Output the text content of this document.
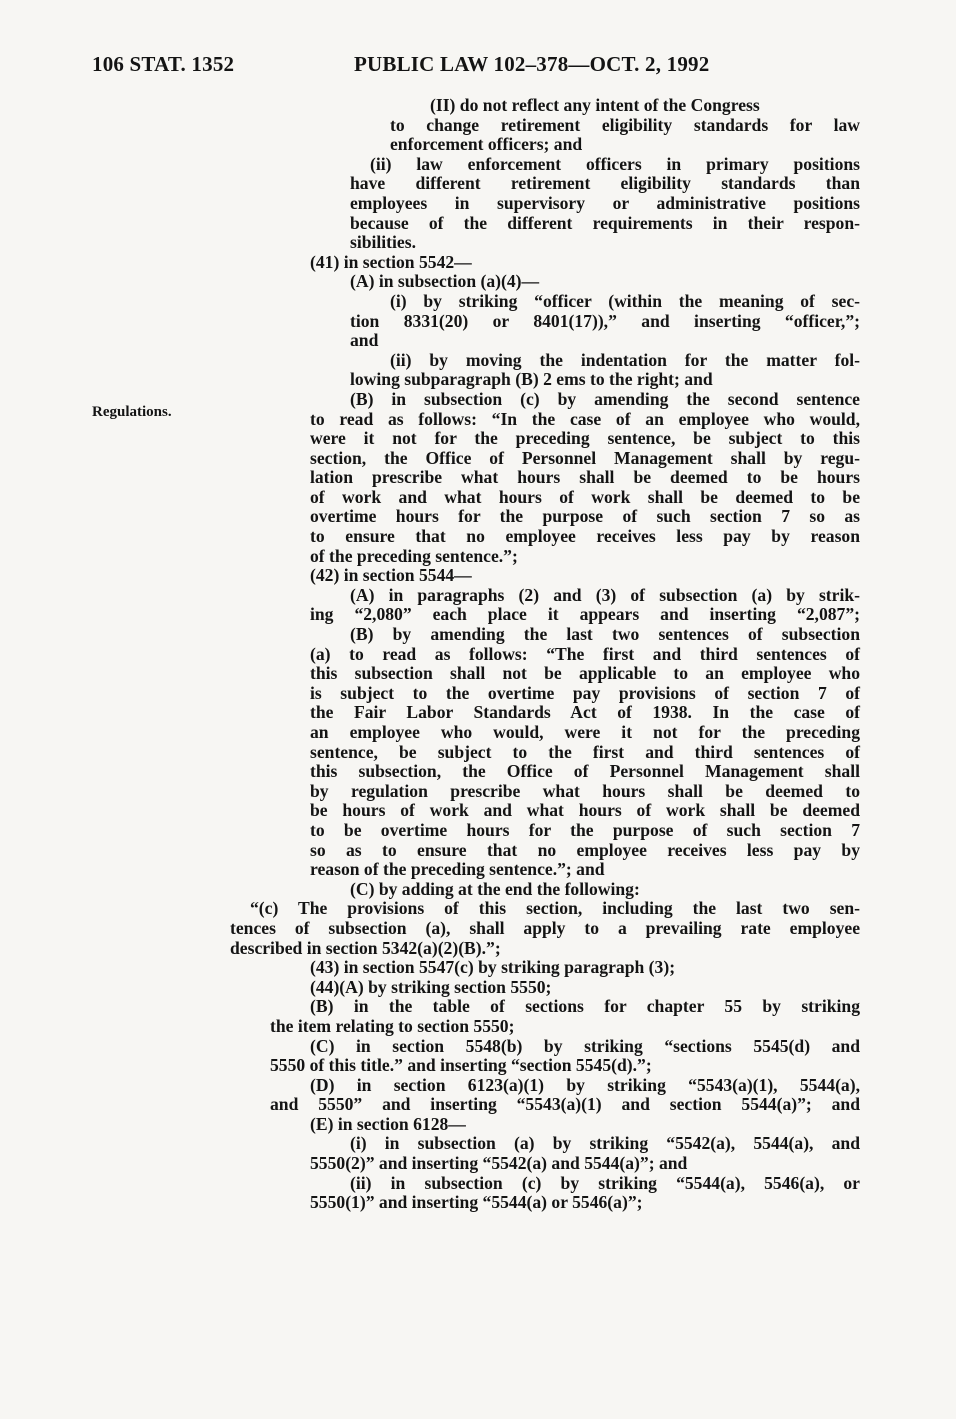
106 STAT. 1352	PUBLIC LAW 102–378—OCT. 2, 1992
Regulations.
(II) do not reflect any intent of the Congress
to change retirement eligibility standards for law
enforcement officers; and
(ii) law enforcement officers in primary positions
have different retirement eligibility standards than
employees in supervisory or administrative positions
because of the different requirements in their respon-
sibilities.
(41) in section 5542—
(A) in subsection (a)(4)—
(i) by striking “officer (within the meaning of sec-
tion 8331(20) or 8401(17)),” and inserting “officer,”;
and
(ii) by moving the indentation for the matter fol-
lowing subparagraph (B) 2 ems to the right; and
(B) in subsection (c) by amending the second sentence
to read as follows: “In the case of an employee who would,
were it not for the preceding sentence, be subject to this
section, the Office of Personnel Management shall by regu-
lation prescribe what hours shall be deemed to be hours
of work and what hours of work shall be deemed to be
overtime hours for the purpose of such section 7 so as
to ensure that no employee receives less pay by reason
of the preceding sentence.”;
(42) in section 5544—
(A) in paragraphs (2) and (3) of subsection (a) by strik-
ing “2,080” each place it appears and inserting “2,087”;
(B) by amending the last two sentences of subsection
(a) to read as follows: “The first and third sentences of
this subsection shall not be applicable to an employee who
is subject to the overtime pay provisions of section 7 of
the Fair Labor Standards Act of 1938. In the case of
an employee who would, were it not for the preceding
sentence, be subject to the first and third sentences of
this subsection, the Office of Personnel Management shall
by regulation prescribe what hours shall be deemed to
be hours of work and what hours of work shall be deemed
to be overtime hours for the purpose of such section 7
so as to ensure that no employee receives less pay by
reason of the preceding sentence.”; and
(C) by adding at the end the following:
“(c) The provisions of this section, including the last two sen-
tences of subsection (a), shall apply to a prevailing rate employee
described in section 5342(a)(2)(B).”;
(43) in section 5547(c) by striking paragraph (3);
(44)(A) by striking section 5550;
(B) in the table of sections for chapter 55 by striking
the item relating to section 5550;
(C) in section 5548(b) by striking “sections 5545(d) and
5550 of this title.” and inserting “section 5545(d).”;
(D) in section 6123(a)(1) by striking “5543(a)(1), 5544(a),
and 5550” and inserting “5543(a)(1) and section 5544(a)”; and
(E) in section 6128—
(i) in subsection (a) by striking “5542(a), 5544(a), and
5550(2)” and inserting “5542(a) and 5544(a)”; and
(ii) in subsection (c) by striking “5544(a), 5546(a), or
5550(1)” and inserting “5544(a) or 5546(a)”;
